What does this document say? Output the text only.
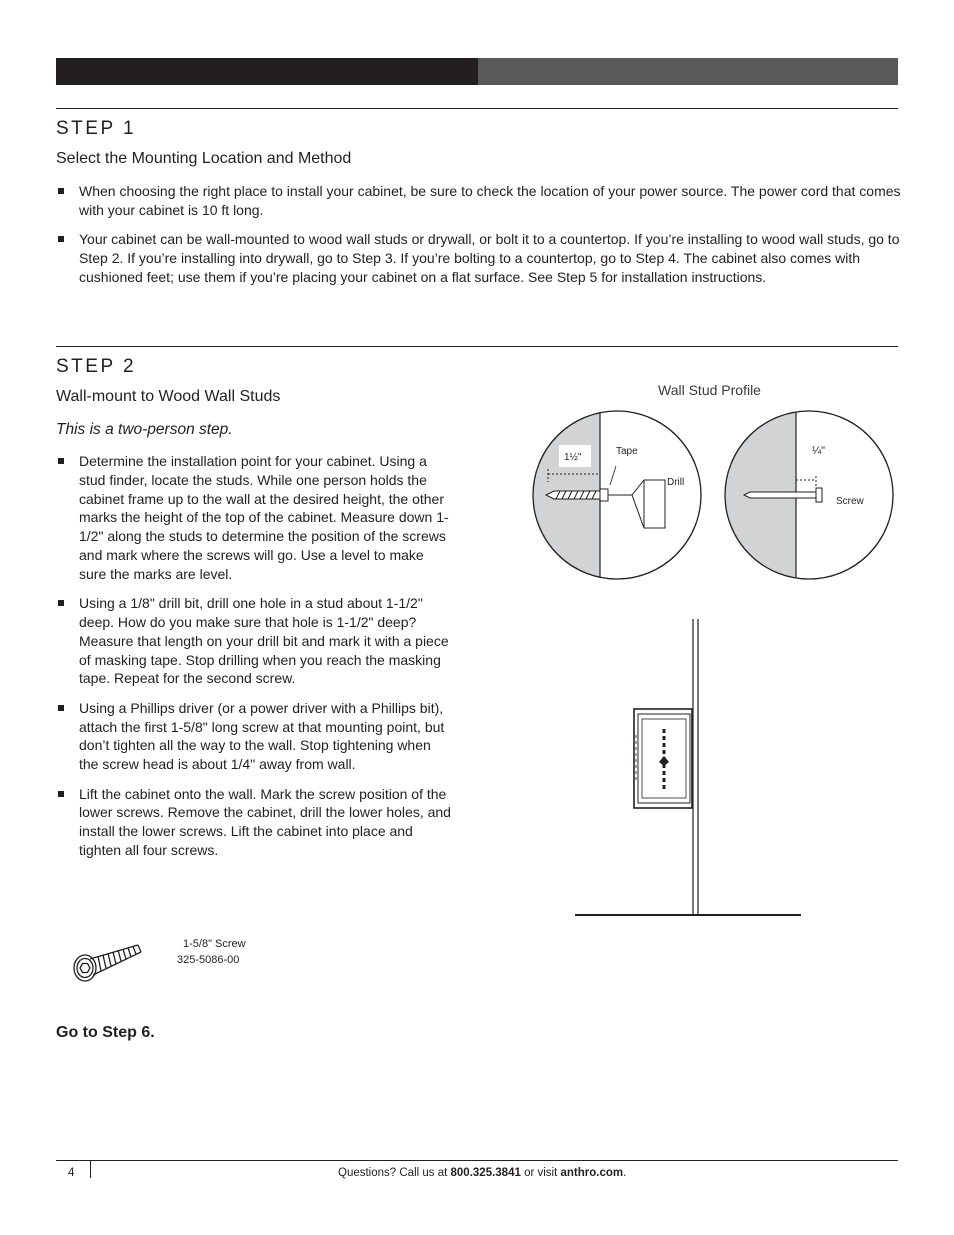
STEP 1
Select the Mounting Location and Method
When choosing the right place to install your cabinet, be sure to check the location of your power source. The power cord that comes with your cabinet is 10 ft long.
Your cabinet can be wall-mounted to wood wall studs or drywall, or bolt it to a countertop. If you’re installing to wood wall studs, go to Step 2. If you’re installing into drywall, go to Step 3. If you’re bolting to a countertop, go to Step 4. The cabinet also comes with cushioned feet; use them if you’re placing your cabinet on a flat surface. See Step 5 for installation instructions.
STEP 2
Wall-mount to Wood Wall Studs
This is a two-person step.
Determine the installation point for your cabinet. Using a stud finder, locate the studs. While one person holds the cabinet frame up to the wall at the desired height, the other marks the height of the top of the cabinet. Measure down 1-1/2" along the studs to determine the position of the screws and mark where the screws will go. Use a level to make sure the marks are level.
Using a 1/8" drill bit, drill one hole in a stud about 1-1/2" deep. How do you make sure that hole is 1-1/2" deep? Measure that length on your drill bit and mark it with a piece of masking tape. Stop drilling when you reach the masking tape. Repeat for the second screw.
Using a Phillips driver (or a power driver with a Phillips bit), attach the first 1-5/8" long screw at that mounting point, but don’t tighten all the way to the wall. Stop tightening when the screw head is about 1/4" away from wall.
Lift the cabinet onto the wall. Mark the screw position of the lower screws. Remove the cabinet, drill the lower holes, and install the lower screws. Lift the cabinet into place and tighten all four screws.
1-5/8" Screw
325-5086-00
Go to Step 6.
Wall Stud Profile
Tape
Drill
1½"
¼"
Screw
4	Questions? Call us at 800.325.3841 or visit anthro.com.
